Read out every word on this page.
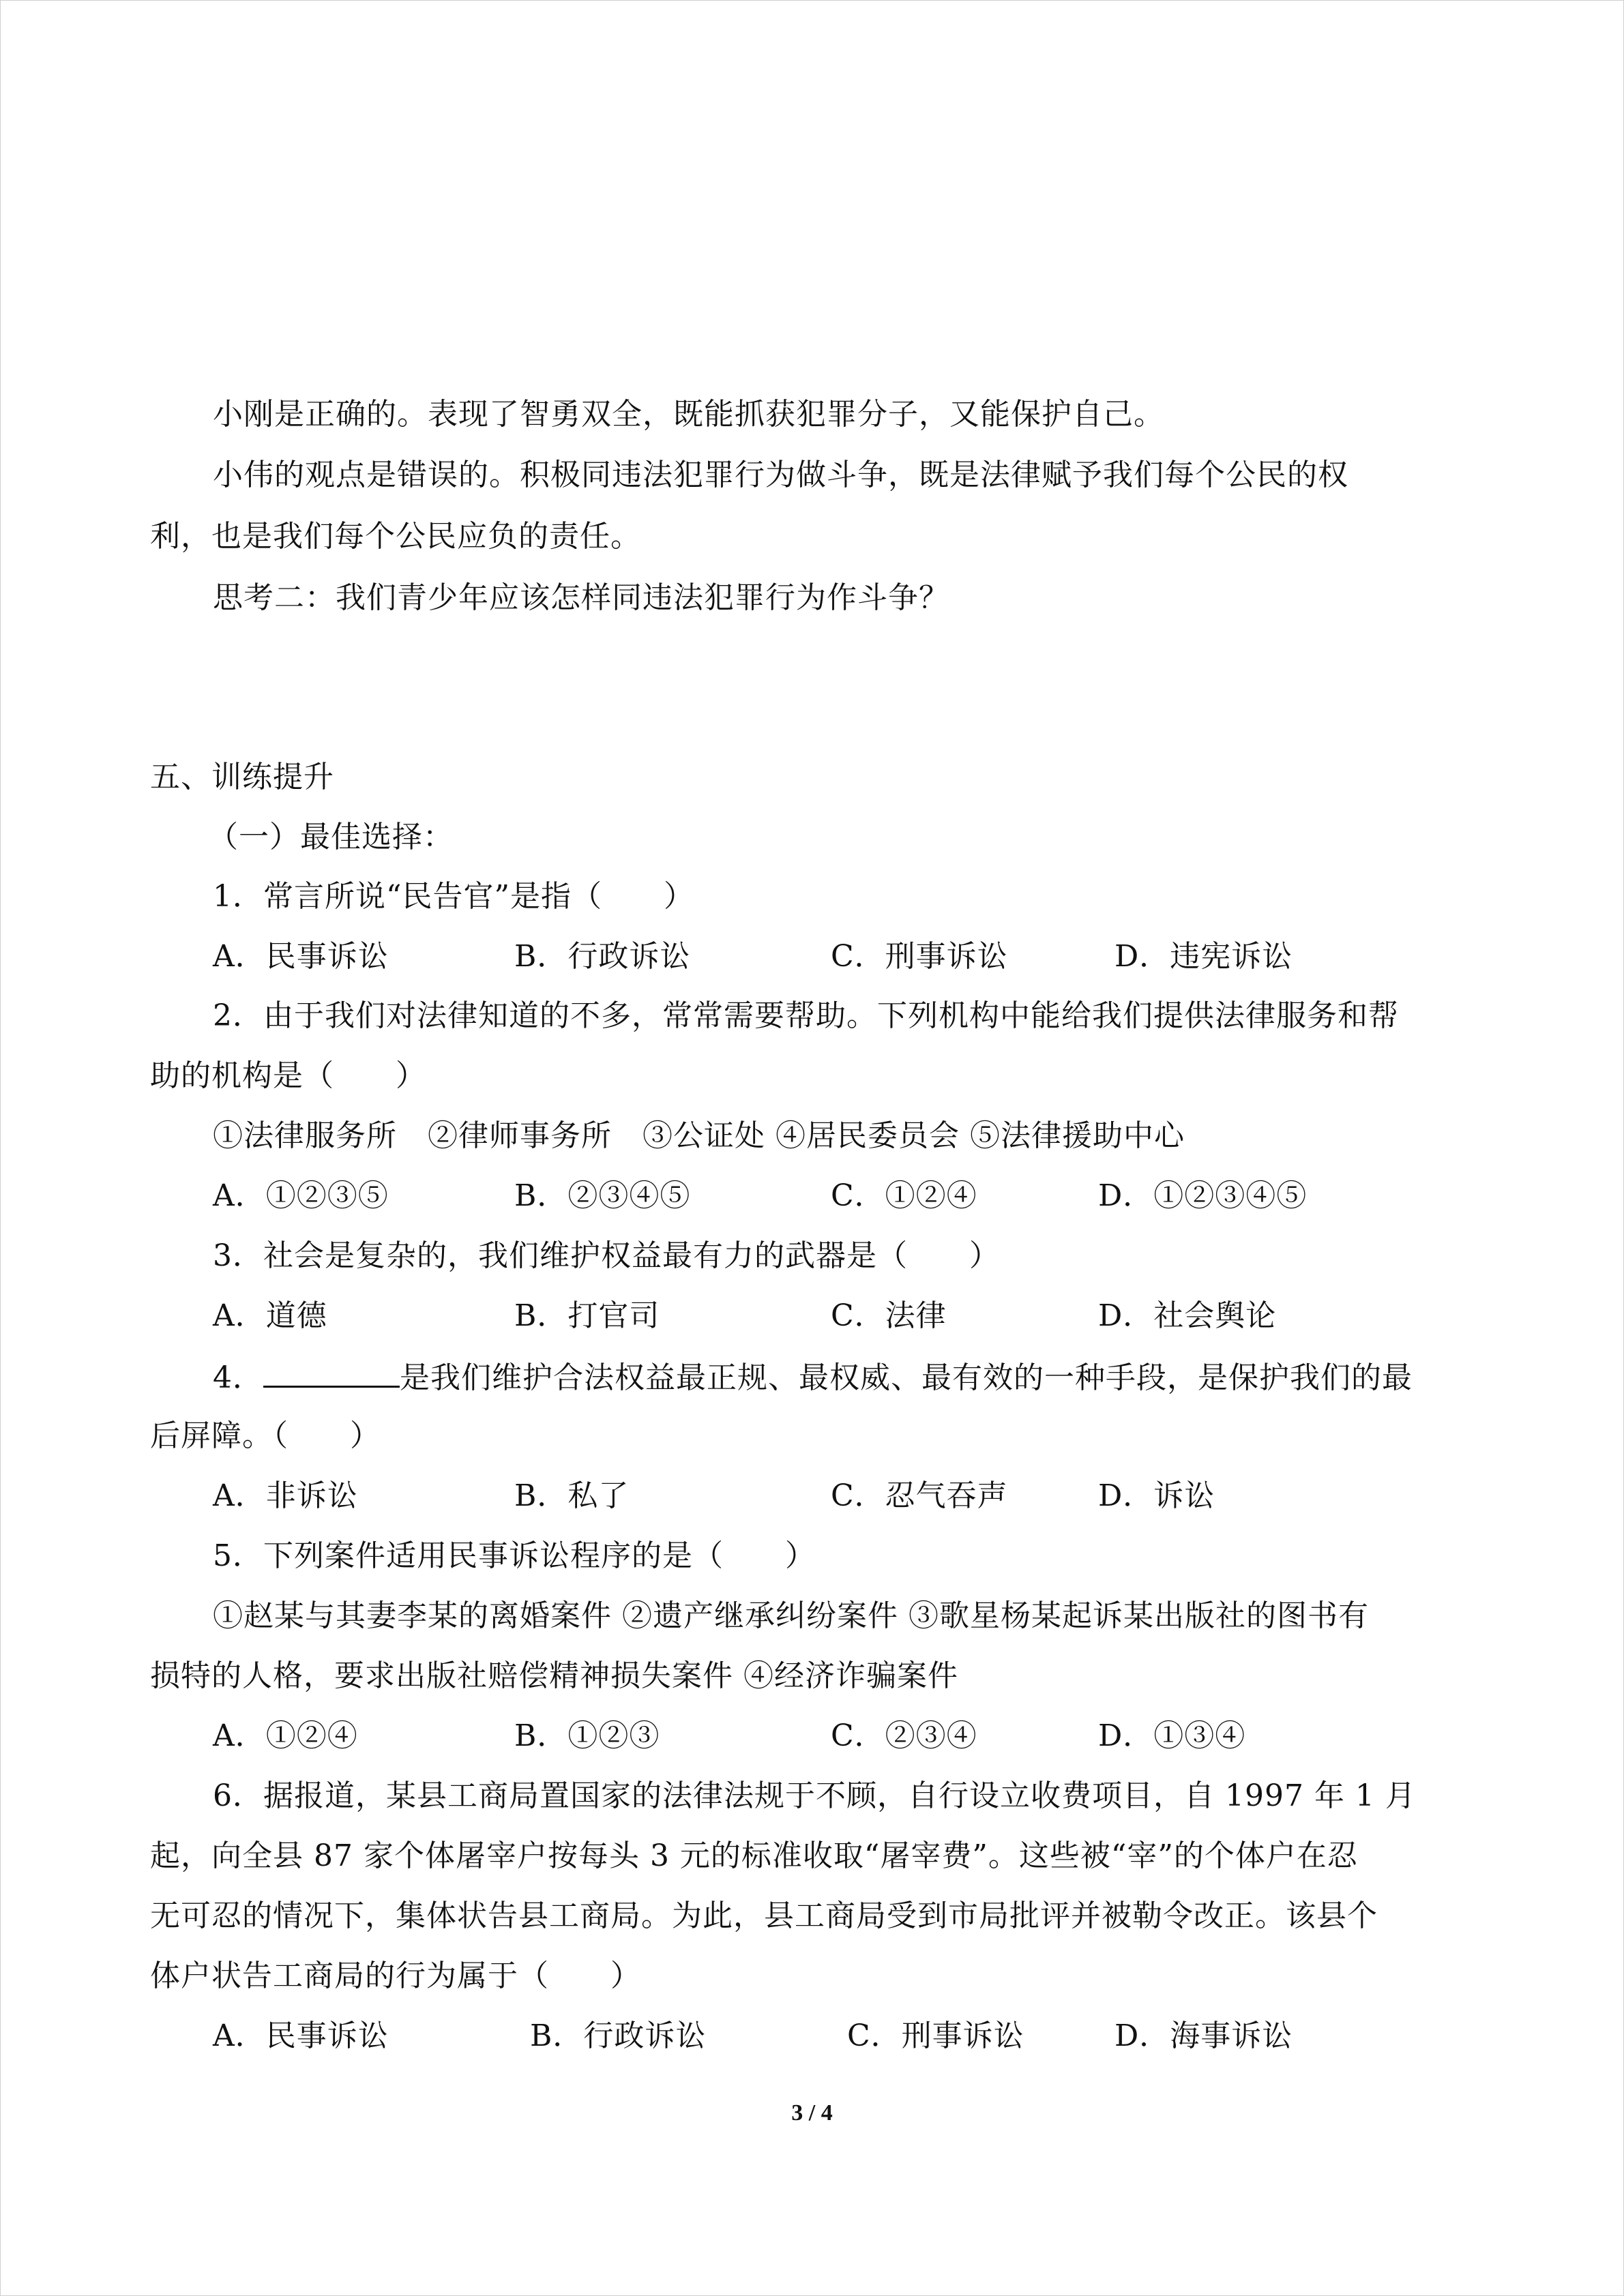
小刚是正确的。表现了智勇双全，既能抓获犯罪分子，又能保护自己。
小伟的观点是错误的。积极同违法犯罪行为做斗争，既是法律赋予我们每个公民的权
利，也是我们每个公民应负的责任。
思考二：我们青少年应该怎样同违法犯罪行为作斗争？
五、训练提升
（一）最佳选择：
1．常言所说“民告官”是指（　　）
A．民事诉讼	B．行政诉讼	C．刑事诉讼	D．违宪诉讼
2．由于我们对法律知道的不多，常常需要帮助。下列机构中能给我们提供法律服务和帮
助的机构是（　　）
①法律服务所　②律师事务所　③公证处 ④居民委员会 ⑤法律援助中心
A．①②③⑤	B．②③④⑤	C．①②④	D．①②③④⑤
3．社会是复杂的，我们维护权益最有力的武器是（　　）
A．道德	B．打官司	C．法律	D．社会舆论
4．	是我们维护合法权益最正规、最权威、最有效的一种手段，是保护我们的最
后屏障。（　　）
A．非诉讼	B．私了	C．忍气吞声	D．诉讼
5．下列案件适用民事诉讼程序的是（　　）
①赵某与其妻李某的离婚案件 ②遗产继承纠纷案件 ③歌星杨某起诉某出版社的图书有
损特的人格，要求出版社赔偿精神损失案件 ④经济诈骗案件
A．①②④	B．①②③	C．②③④	D．①③④
6．据报道，某县工商局置国家的法律法规于不顾，自行设立收费项目，自 1997 年 1 月
起，向全县 87 家个体屠宰户按每头 3 元的标准收取“屠宰费”。这些被“宰”的个体户在忍
无可忍的情况下，集体状告县工商局。为此，县工商局受到市局批评并被勒令改正。该县个
体户状告工商局的行为属于（　　）
A．民事诉讼	B．行政诉讼	C．刑事诉讼	D．海事诉讼
3 / 4
